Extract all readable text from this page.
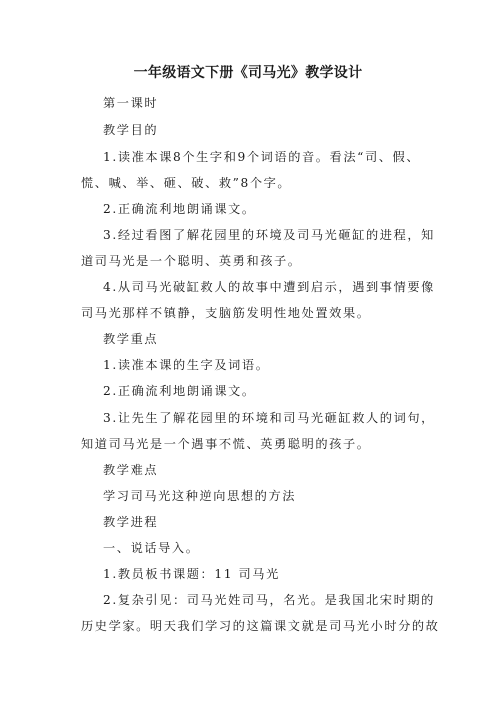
一年级语文下册《司马光》教学设计
第一课时
教学目的
1.读准本课8个生字和9个词语的音。看法“司、假、
慌、喊、举、砸、破、救”8个字。
2.正确流利地朗诵课文。
3.经过看图了解花园里的环境及司马光砸缸的进程，知
道司马光是一个聪明、英勇和孩子。
4.从司马光破缸救人的故事中遭到启示，遇到事情要像
司马光那样不镇静，支脑筋发明性地处置效果。
教学重点
1.读准本课的生字及词语。
2.正确流利地朗诵课文。
3.让先生了解花园里的环境和司马光砸缸救人的词句，
知道司马光是一个遇事不慌、英勇聪明的孩子。
教学难点
学习司马光这种逆向思想的方法
教学进程
一、说话导入。
1.教员板书课题：11 司马光
2.复杂引见：司马光姓司马，名光。是我国北宋时期的
历史学家。明天我们学习的这篇课文就是司马光小时分的故
